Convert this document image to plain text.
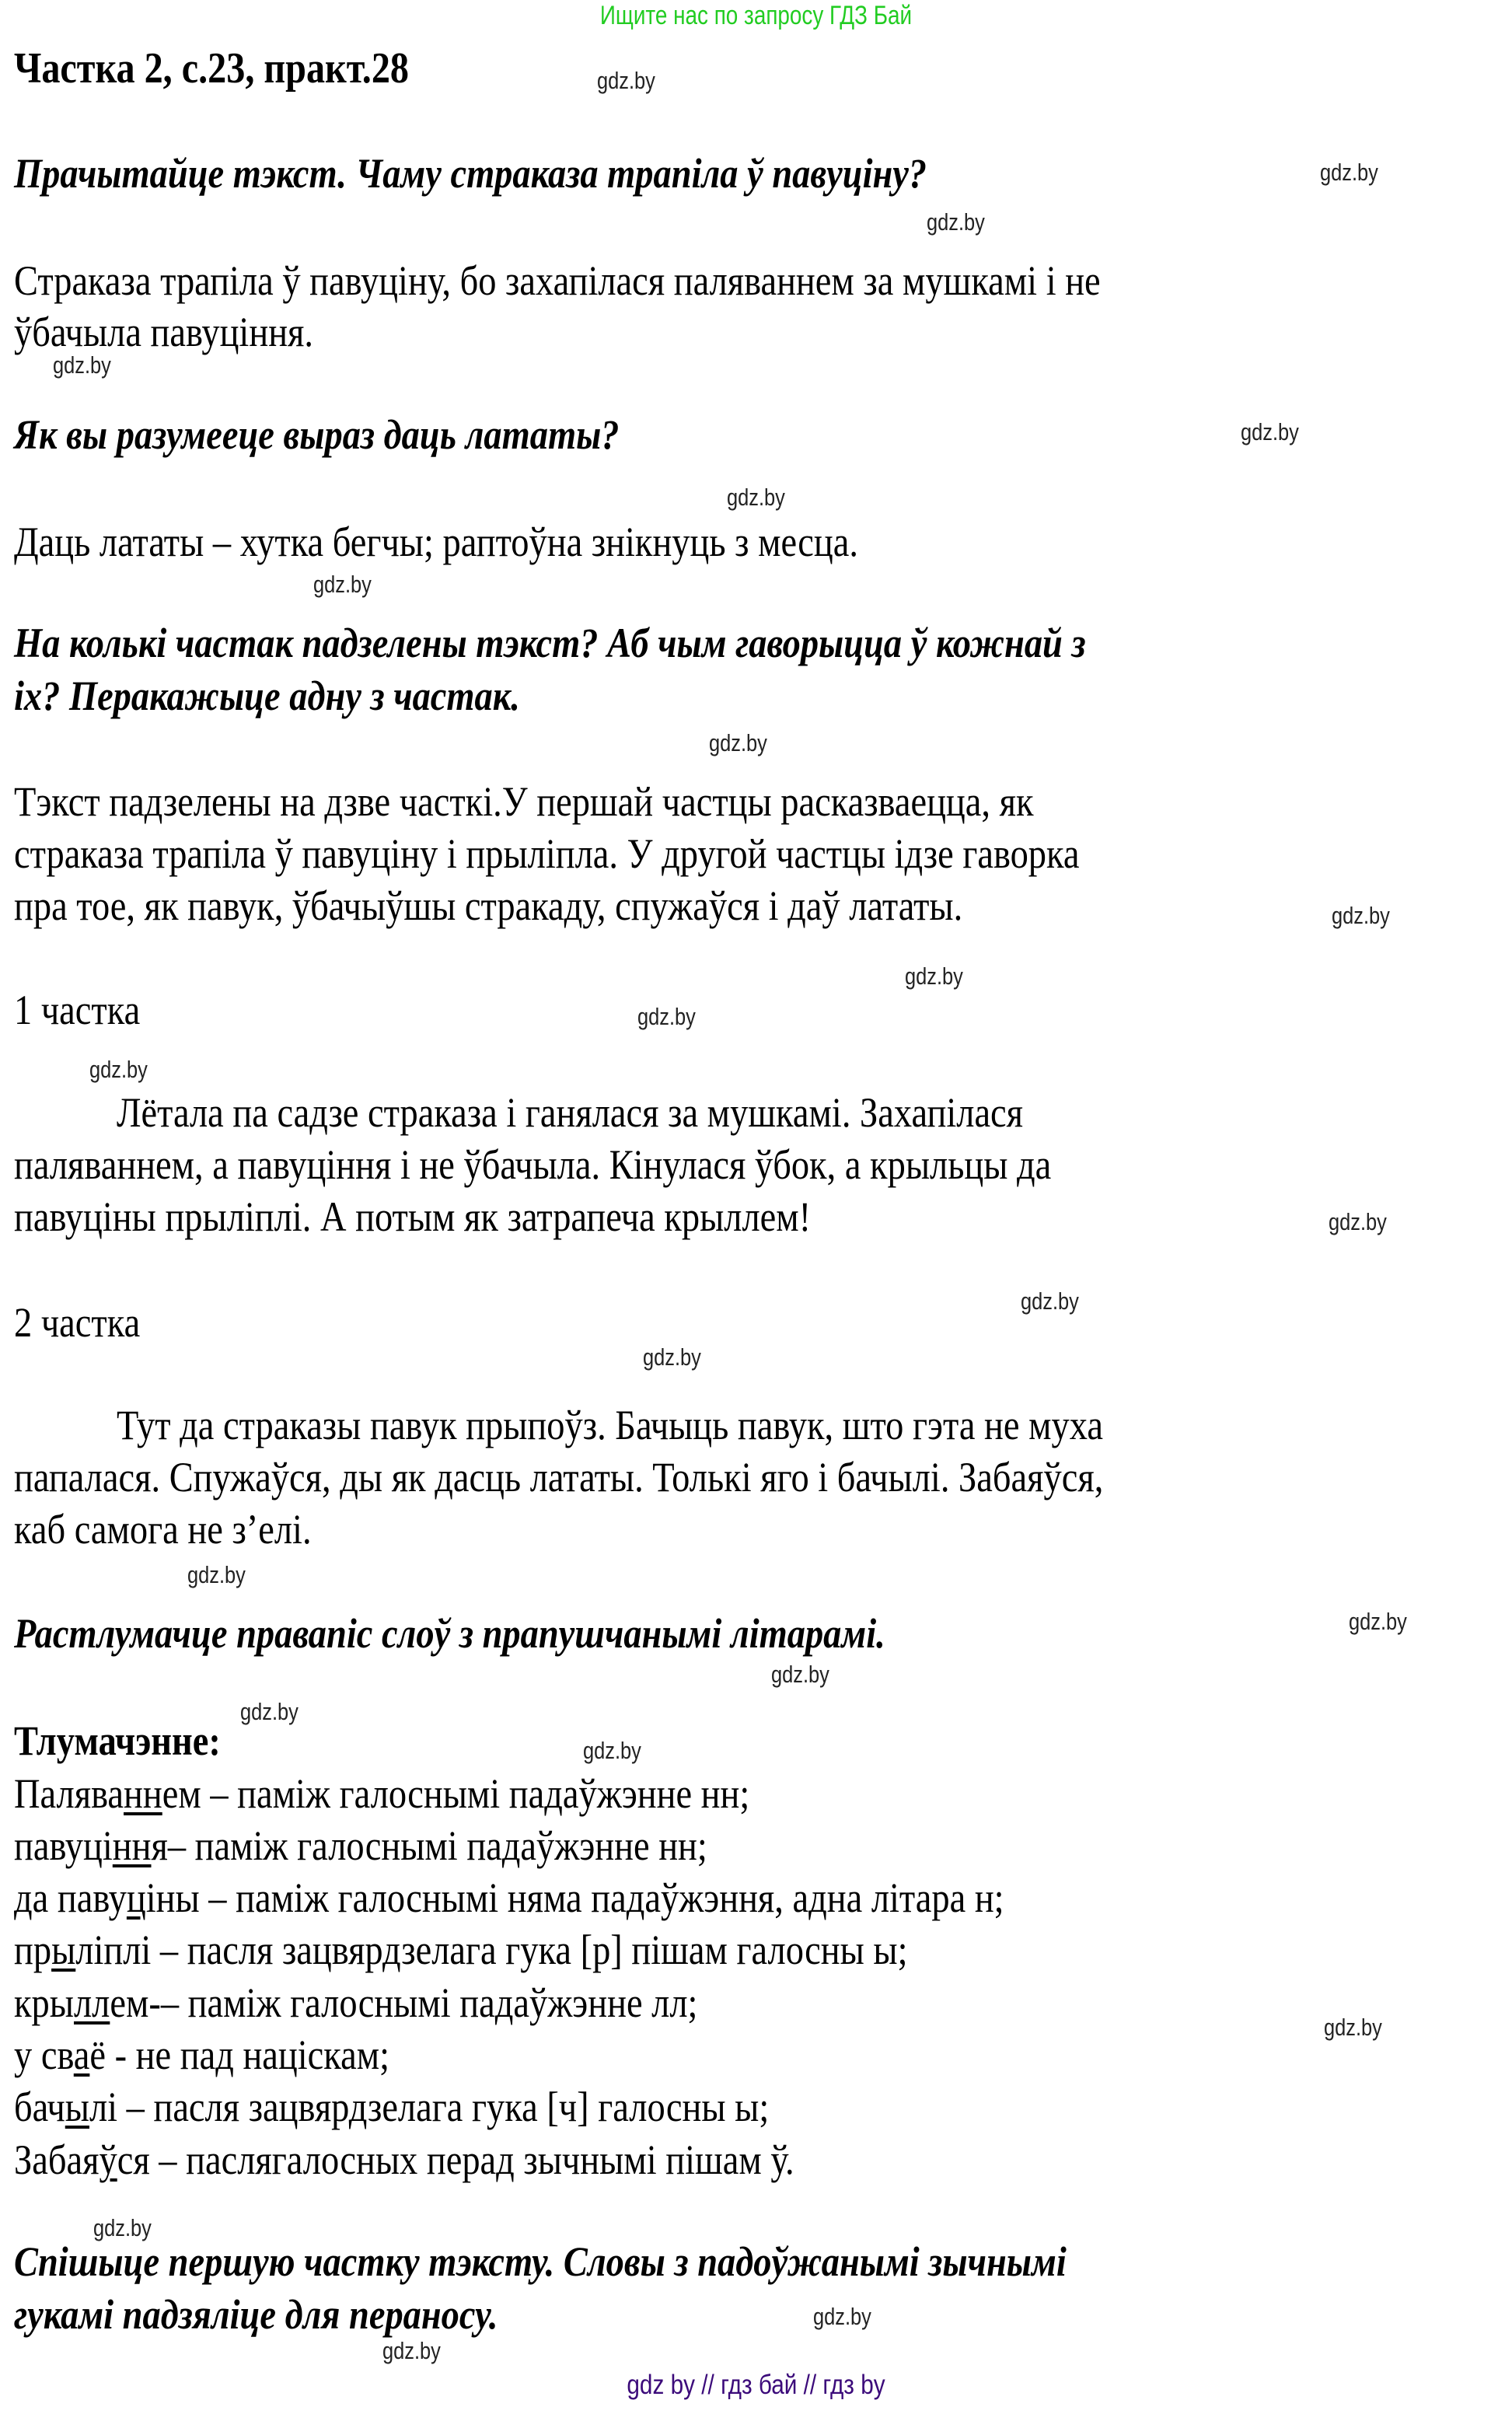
Ищите нас по запросу ГДЗ Бай
Частка 2, с.23, практ.28
Прачытайце тэкст. Чаму страказа трапіла ў павуціну?
Страказа трапіла ў павуціну, бо захапілася паляваннем за мушкамі і не
ўбачыла павуціння.
Як вы разумееце выраз даць лататы?
Даць лататы – хутка бегчы; раптоўна знікнуць з месца.
На колькі частак падзелены тэкст? Аб чым гаворыцца ў кожнай з
іх? Перакажыце адну з частак.
Тэкст падзелены на дзве часткі.У першай частцы расказваецца, як
страказа трапіла ў павуціну і прыліпла. У другой частцы ідзе гаворка
пра тое, як павук, ўбачыўшы стракаду, спужаўся і даў лататы.
1 частка
Лётала па садзе страказа і ганялася за мушкамі. Захапілася
паляваннем, а павуціння і не ўбачыла. Кінулася ўбок, а крыльцы да
павуціны прыліплі. А потым як затрапеча крыллем!
2 частка
Тут да страказы павук прыпоўз. Бачыць павук, што гэта не муха
папалася. Спужаўся, ды як дасць лататы. Толькі яго і бачылі. Забаяўся,
каб самога не з’елі.
Растлумачце правапіс слоў з прапушчанымі літарамі.
Тлумачэнне:
Паляваннем – паміж галоснымі падаўжэнне нн;
павуціння– паміж галоснымі падаўжэнне нн;
да павуціны – паміж галоснымі няма падаўжэння, адна літара н;
прыліплі – пасля зацвярдзелага гука [р] пішам галосны ы;
крыллем-– паміж галоснымі падаўжэнне лл;
у сваё - не пад націскам;
бачылі – пасля зацвярдзелага гука [ч] галосны ы;
Забаяўся – паслягалосных перад зычнымі пішам ў.
Спішыце першую частку тэксту. Словы з падоўжанымі зычнымі
гукамі падзяліце для пераносу.
gdz.by
gdz.by
gdz.by
gdz.by
gdz.by
gdz.by
gdz.by
gdz.by
gdz.by
gdz.by
gdz.by
gdz.by
gdz.by
gdz.by
gdz.by
gdz.by
gdz.by
gdz.by
gdz.by
gdz.by
gdz.by
gdz.by
gdz.by
gdz.by
gdz by // гдз бай // гдз by
